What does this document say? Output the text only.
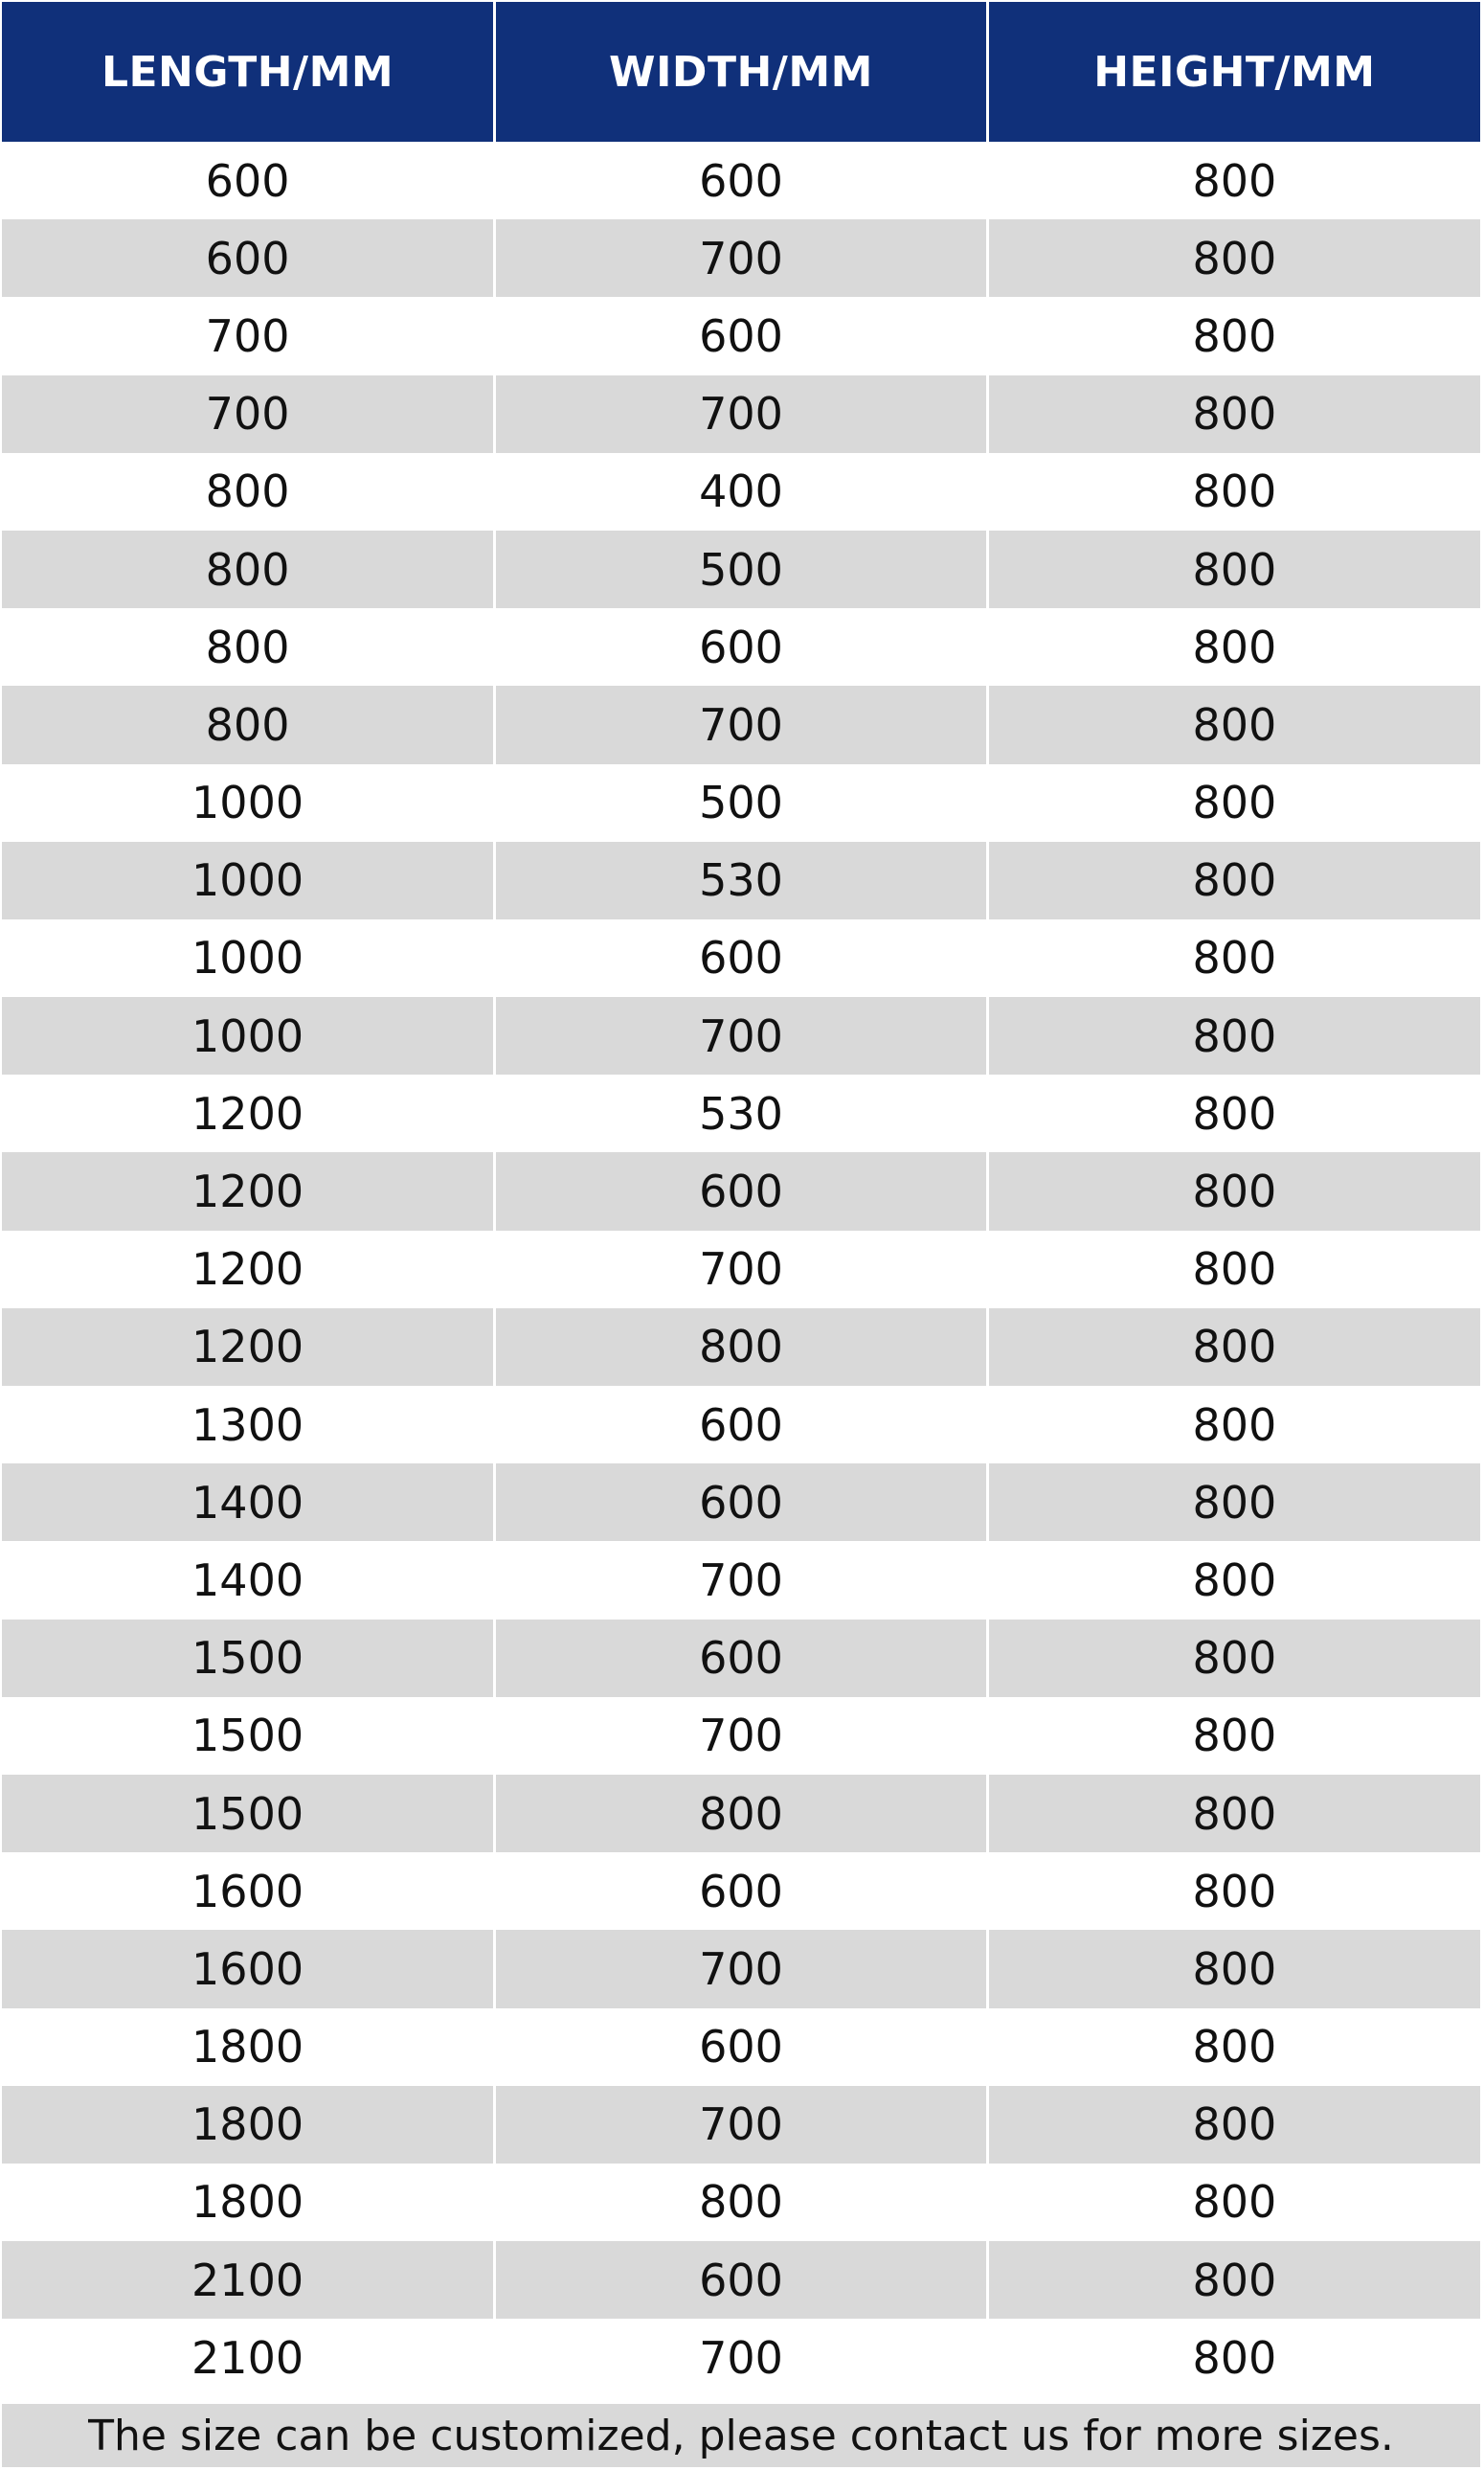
LENGTH/MM	WIDTH/MM	HEIGHT/MM
600	600	800
600	700	800
700	600	800
700	700	800
800	400	800
800	500	800
800	600	800
800	700	800
1000	500	800
1000	530	800
1000	600	800
1000	700	800
1200	530	800
1200	600	800
1200	700	800
1200	800	800
1300	600	800
1400	600	800
1400	700	800
1500	600	800
1500	700	800
1500	800	800
1600	600	800
1600	700	800
1800	600	800
1800	700	800
1800	800	800
2100	600	800
2100	700	800
The size can be customized, please contact us for more sizes.
